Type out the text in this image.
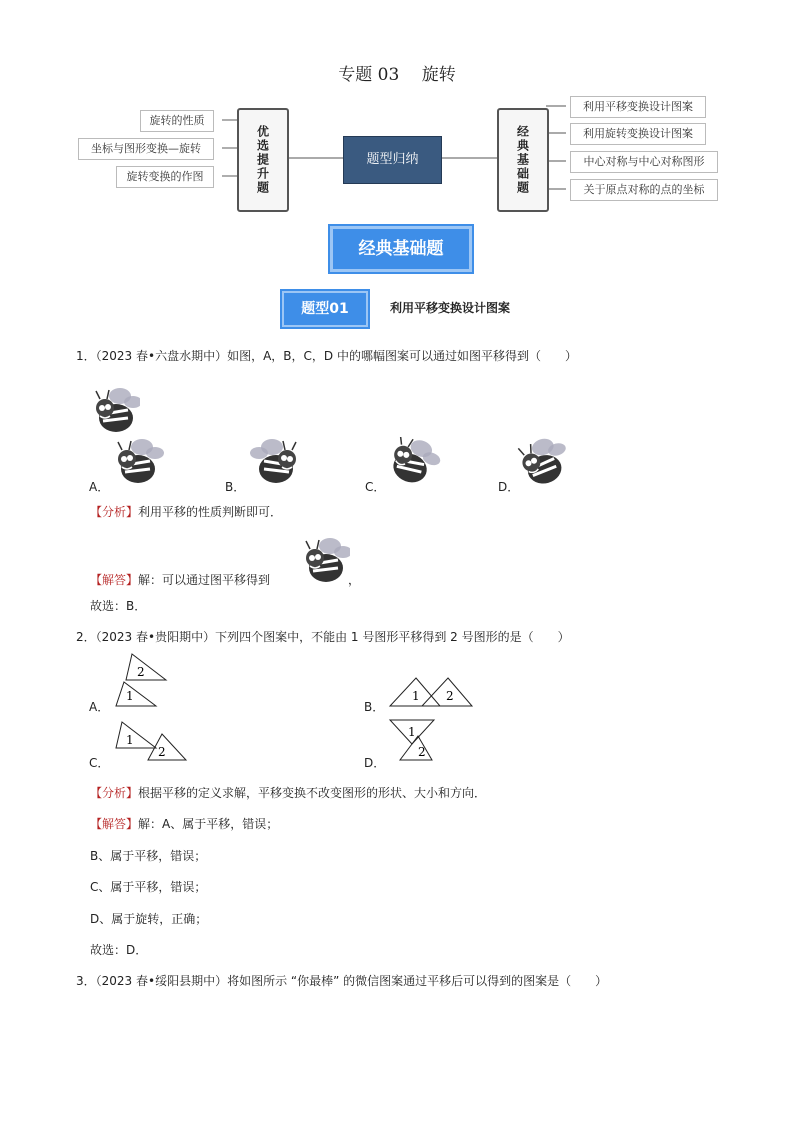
专题 03　 旋转
旋转的性质
坐标与图形变换—旋转
旋转变换的作图	优选提升题	题型归纳	经典基础题
利用平移变换设计图案
利用旋转变换设计图案
中心对称与中心对称图形
关于原点对称的点的坐标
经典基础题
题型01	利用平移变换设计图案
1．（2023 春•六盘水期中）如图，A，B，C，D 中的哪幅图案可以通过如图平移得到（　　）
A．	B．	C．	D．
【分析】利用平移的性质判断即可．
【解答】解：可以通过图平移得到	，
故选：B．
2．（2023 春•贵阳期中）下列四个图案中，不能由 1 号图形平移得到 2 号图形的是（　　）
A．
2
1
B．
1 2
C．
1
2
D．
1
2
【分析】根据平移的定义求解，平移变换不改变图形的形状、大小和方向．
【解答】解：A、属于平移，错误；
B、属于平移，错误；
C、属于平移，错误；
D、属于旋转，正确；
故选：D．
3．（2023 春•绥阳县期中）将如图所示 “你最棒” 的微信图案通过平移后可以得到的图案是（　　）
